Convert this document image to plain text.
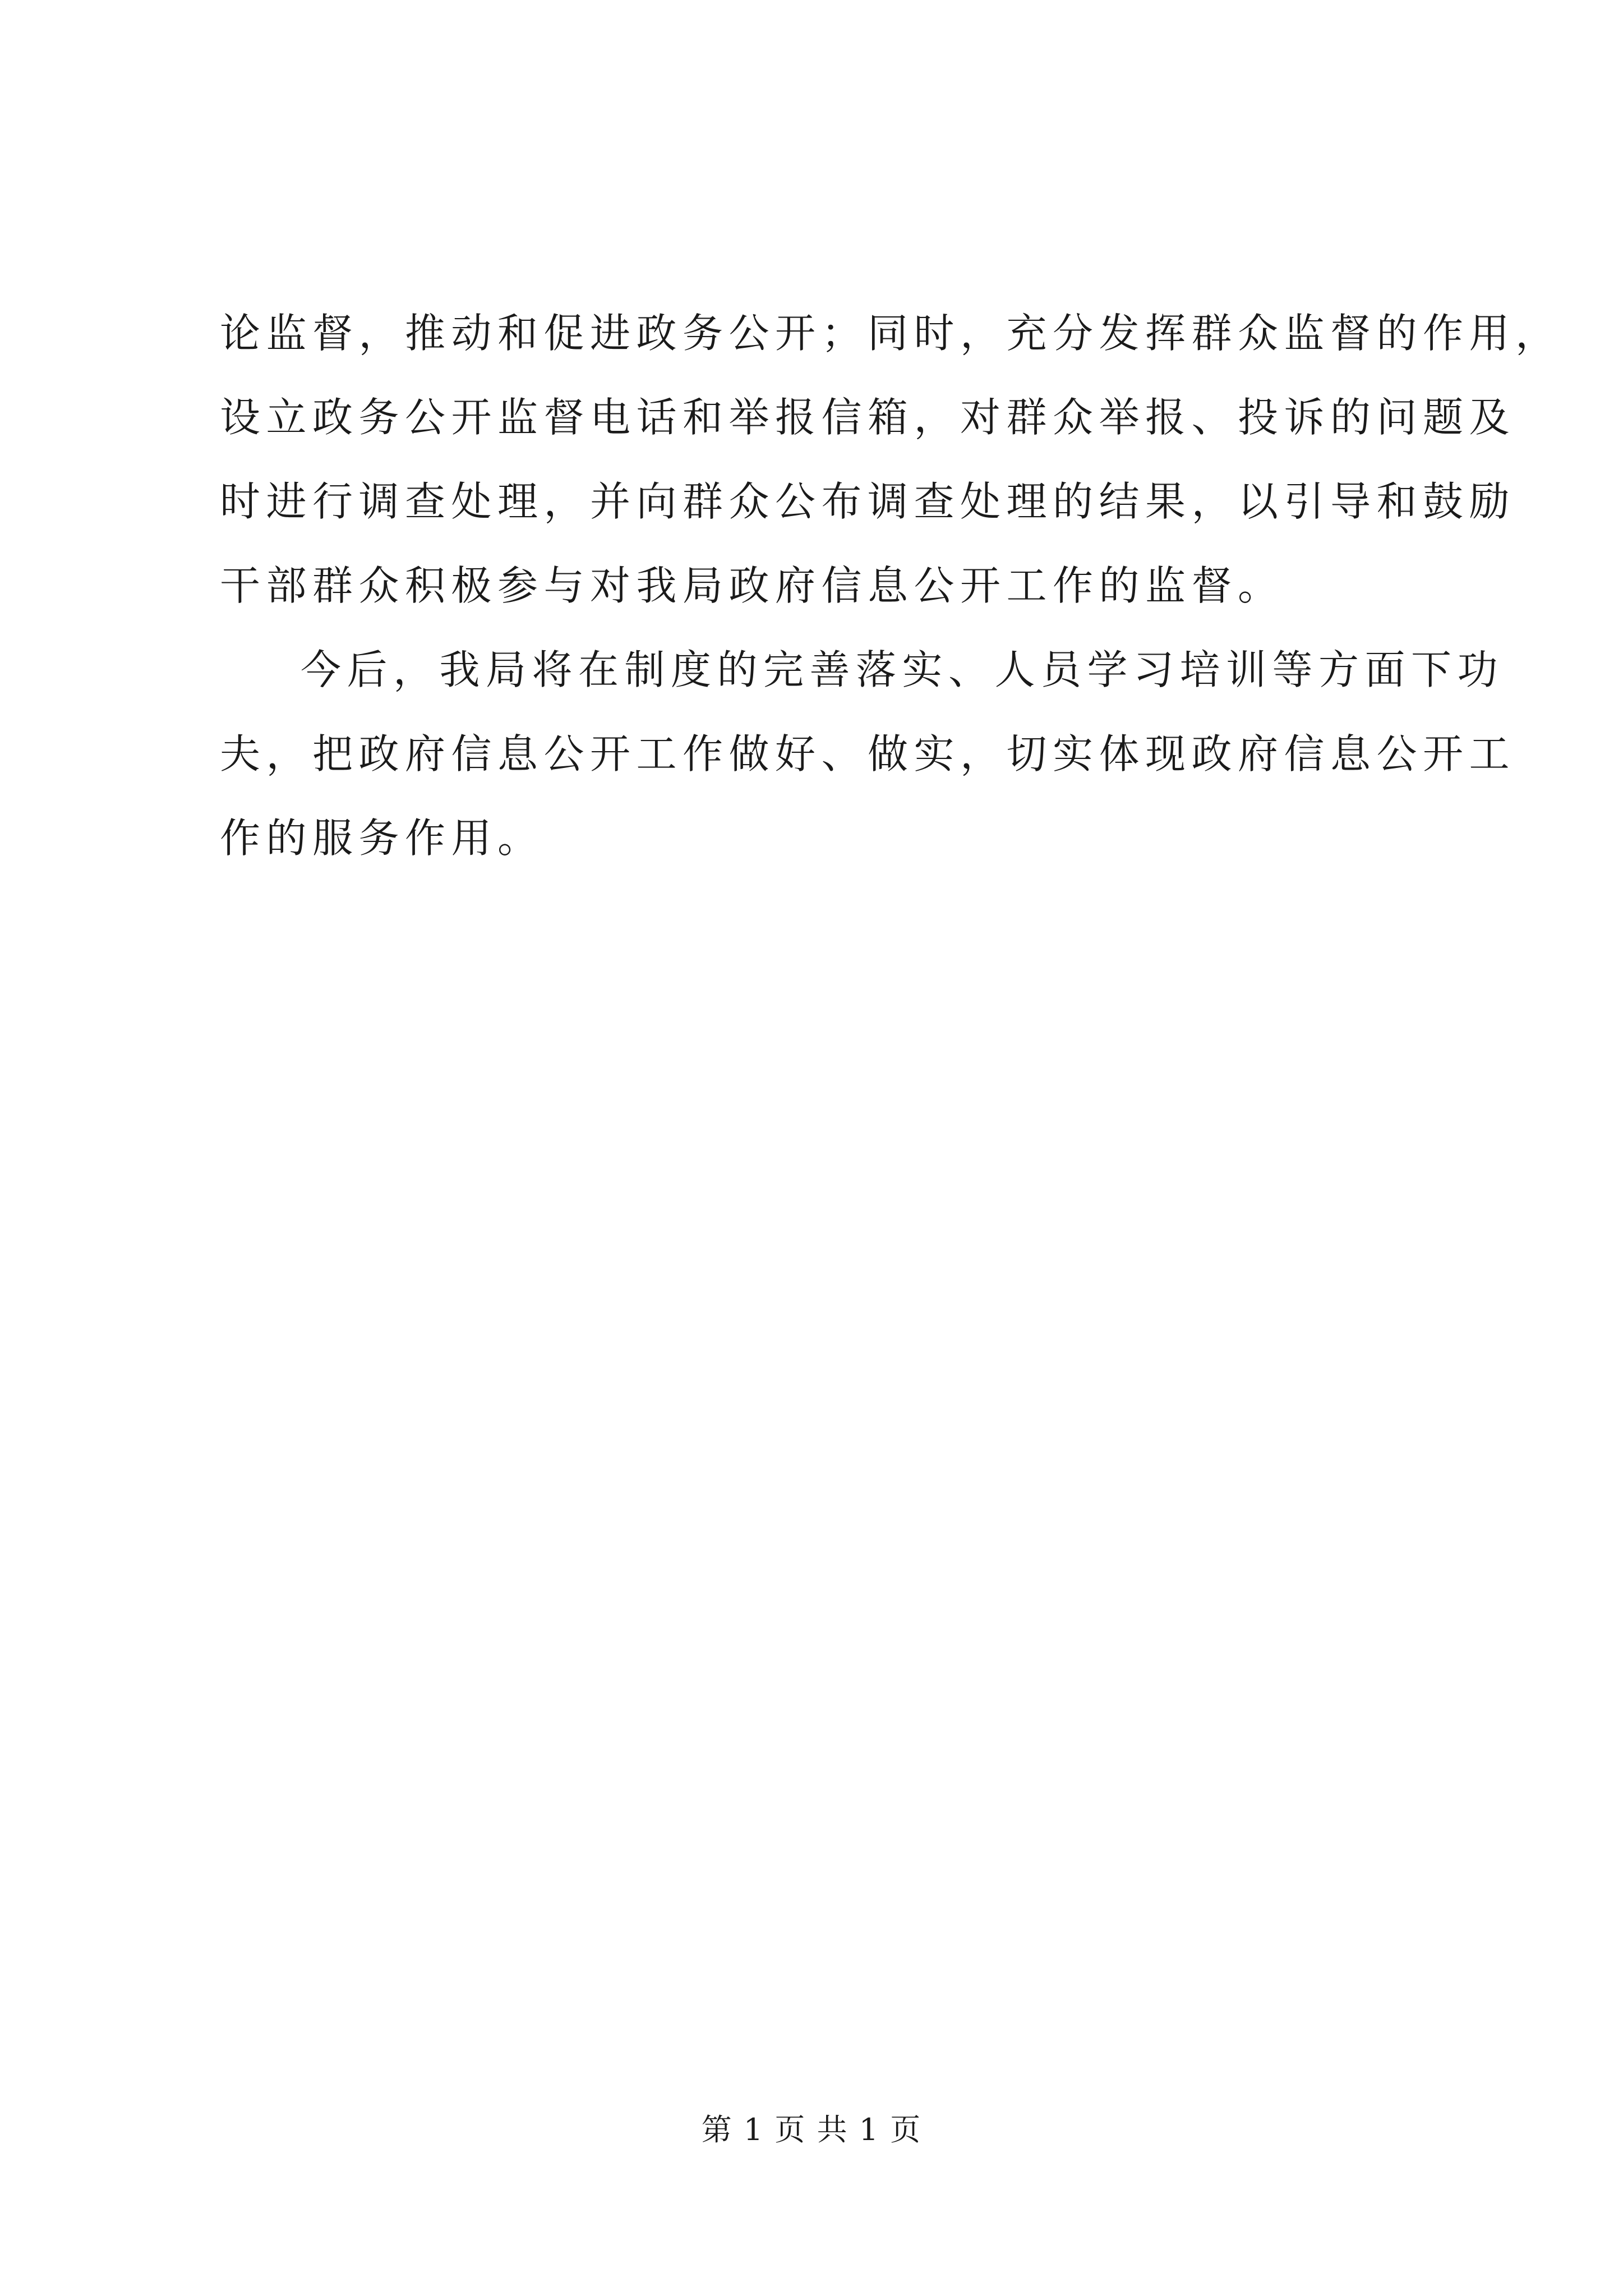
论监督，推动和促进政务公开；同时，充分发挥群众监督的作用，
设立政务公开监督电话和举报信箱，对群众举报、投诉的问题及
时进行调查处理，并向群众公布调查处理的结果，以引导和鼓励
干部群众积极参与对我局政府信息公开工作的监督。
今后，我局将在制度的完善落实、人员学习培训等方面下功
夫，把政府信息公开工作做好、做实，切实体现政府信息公开工
作的服务作用。
第 1 页 共 1 页
